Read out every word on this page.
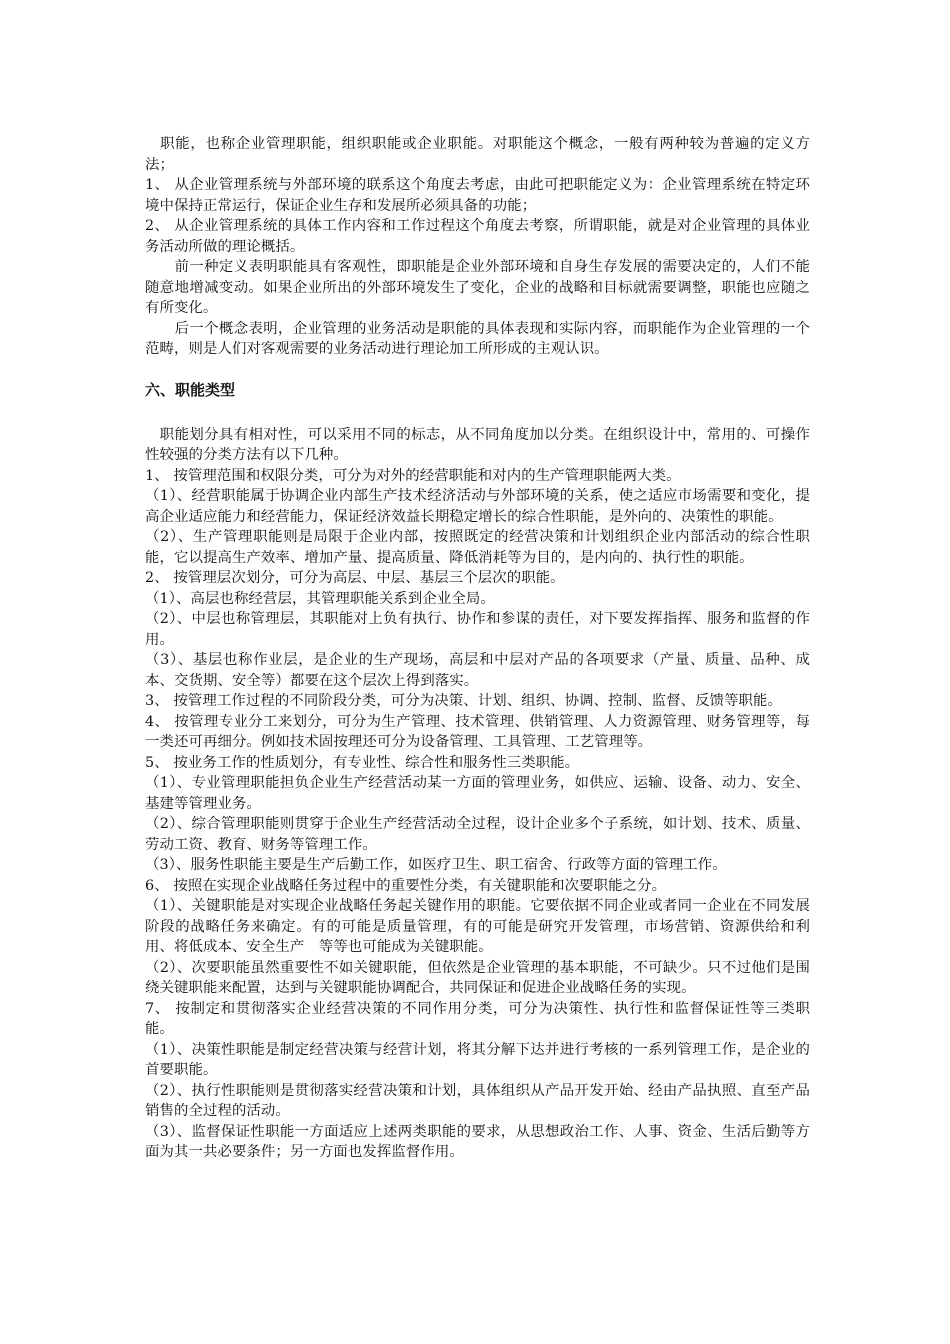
　职能，也称企业管理职能，组织职能或企业职能。对职能这个概念，一般有两种较为普遍的定义方法；

1、 从企业管理系统与外部环境的联系这个角度去考虑，由此可把职能定义为：企业管理系统在特定环境中保持正常运行，保证企业生存和发展所必须具备的功能；

2、 从企业管理系统的具体工作内容和工作过程这个角度去考察，所谓职能，就是对企业管理的具体业务活动所做的理论概括。

　　前一种定义表明职能具有客观性，即职能是企业外部环境和自身生存发展的需要决定的，人们不能随意地增减变动。如果企业所出的外部环境发生了变化，企业的战略和目标就需要调整，职能也应随之有所变化。

　　后一个概念表明，企业管理的业务活动是职能的具体表现和实际内容，而职能作为企业管理的一个范畴，则是人们对客观需要的业务活动进行理论加工所形成的主观认识。

六、职能类型

　职能划分具有相对性，可以采用不同的标志，从不同角度加以分类。在组织设计中，常用的、可操作性较强的分类方法有以下几种。

1、 按管理范围和权限分类，可分为对外的经营职能和对内的生产管理职能两大类。

（1）、经营职能属于协调企业内部生产技术经济活动与外部环境的关系，使之适应市场需要和变化，提高企业适应能力和经营能力，保证经济效益长期稳定增长的综合性职能，是外向的、决策性的职能。

（2）、生产管理职能则是局限于企业内部，按照既定的经营决策和计划组织企业内部活动的综合性职能，它以提高生产效率、增加产量、提高质量、降低消耗等为目的，是内向的、执行性的职能。

2、 按管理层次划分，可分为高层、中层、基层三个层次的职能。

（1）、高层也称经营层，其管理职能关系到企业全局。

（2）、中层也称管理层，其职能对上负有执行、协作和参谋的责任，对下要发挥指挥、服务和监督的作用。

（3）、基层也称作业层，是企业的生产现场，高层和中层对产品的各项要求（产量、质量、品种、成本、交货期、安全等）都要在这个层次上得到落实。

3、 按管理工作过程的不同阶段分类，可分为决策、计划、组织、协调、控制、监督、反馈等职能。

4、 按管理专业分工来划分，可分为生产管理、技术管理、供销管理、人力资源管理、财务管理等，每一类还可再细分。例如技术固按理还可分为设备管理、工具管理、工艺管理等。

5、 按业务工作的性质划分，有专业性、综合性和服务性三类职能。

（1）、专业管理职能担负企业生产经营活动某一方面的管理业务，如供应、运输、设备、动力、安全、基建等管理业务。

（2）、综合管理职能则贯穿于企业生产经营活动全过程，设计企业多个子系统，如计划、技术、质量、劳动工资、教育、财务等管理工作。

（3）、服务性职能主要是生产后勤工作，如医疗卫生、职工宿舍、行政等方面的管理工作。

6、 按照在实现企业战略任务过程中的重要性分类，有关键职能和次要职能之分。

（1）、关键职能是对实现企业战略任务起关键作用的职能。它要依据不同企业或者同一企业在不同发展阶段的战略任务来确定。有的可能是质量管理，有的可能是研究开发管理，市场营销、资源供给和利用、将低成本、安全生产　等等也可能成为关键职能。

（2）、次要职能虽然重要性不如关键职能，但依然是企业管理的基本职能，不可缺少。只不过他们是围绕关键职能来配置，达到与关键职能协调配合，共同保证和促进企业战略任务的实现。

7、 按制定和贯彻落实企业经营决策的不同作用分类，可分为决策性、执行性和监督保证性等三类职能。

（1）、决策性职能是制定经营决策与经营计划，将其分解下达并进行考核的一系列管理工作，是企业的首要职能。

（2）、执行性职能则是贯彻落实经营决策和计划，具体组织从产品开发开始、经由产品执照、直至产品销售的全过程的活动。

（3）、监督保证性职能一方面适应上述两类职能的要求，从思想政治工作、人事、资金、生活后勤等方面为其一共必要条件；另一方面也发挥监督作用。
